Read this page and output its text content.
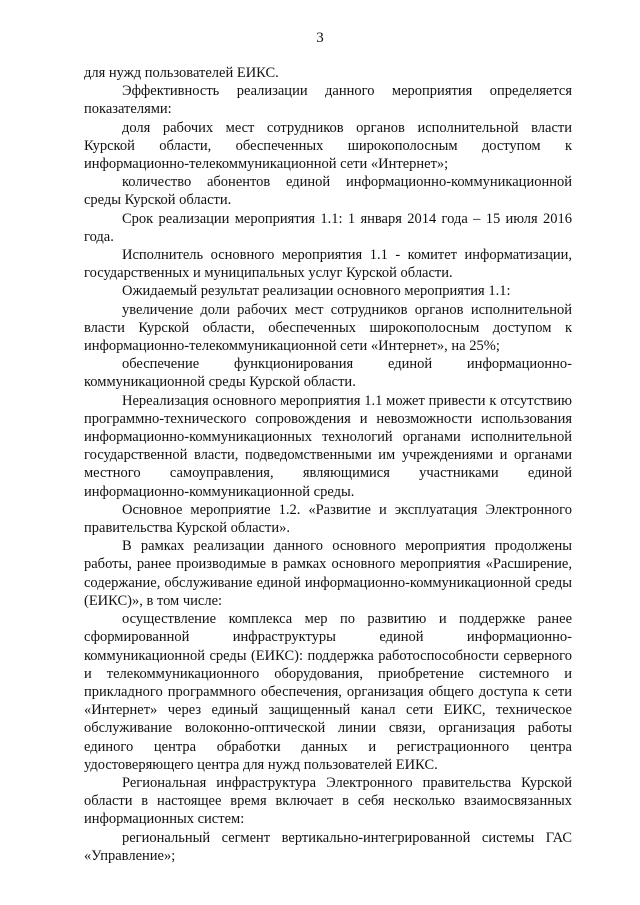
3

для нужд пользователей ЕИКС.

Эффективность реализации данного мероприятия определяется показателями:

доля рабочих мест сотрудников органов исполнительной власти Курской области, обеспеченных широкополосным доступом к информационно-телекоммуникационной сети «Интернет»;

количество абонентов единой информационно-коммуникационной среды Курской области.

Срок реализации мероприятия 1.1: 1 января 2014 года – 15 июля 2016 года.

Исполнитель основного мероприятия 1.1 - комитет информатизации, государственных и муниципальных услуг Курской области.

Ожидаемый результат реализации основного мероприятия 1.1:

увеличение доли рабочих мест сотрудников органов исполнительной власти Курской области, обеспеченных широкополосным доступом к информационно-телекоммуникационной сети «Интернет», на 25%;

обеспечение функционирования единой информационно-коммуникационной среды Курской области.

Нереализация основного мероприятия 1.1 может привести к отсутствию программно-технического сопровождения и невозможности использования информационно-коммуникационных технологий органами исполнительной государственной власти, подведомственными им учреждениями и органами местного самоуправления, являющимися участниками единой информационно-коммуникационной среды.

Основное мероприятие 1.2. «Развитие и эксплуатация Электронного правительства Курской области».

В рамках реализации данного основного мероприятия продолжены работы, ранее производимые в рамках основного мероприятия «Расширение, содержание, обслуживание единой информационно-коммуникационной среды (ЕИКС)», в том числе:

осуществление комплекса мер по развитию и поддержке ранее сформированной инфраструктуры единой информационно-коммуникационной среды (ЕИКС): поддержка работоспособности серверного и телекоммуникационного оборудования, приобретение системного и прикладного программного обеспечения, организация общего доступа к сети «Интернет» через единый защищенный канал сети ЕИКС, техническое обслуживание волоконно-оптической линии связи, организация работы единого центра обработки данных и регистрационного центра удостоверяющего центра для нужд пользователей ЕИКС.

Региональная инфраструктура Электронного правительства Курской области в настоящее время включает в себя несколько взаимосвязанных информационных систем:

региональный сегмент вертикально-интегрированной системы ГАС «Управление»;
